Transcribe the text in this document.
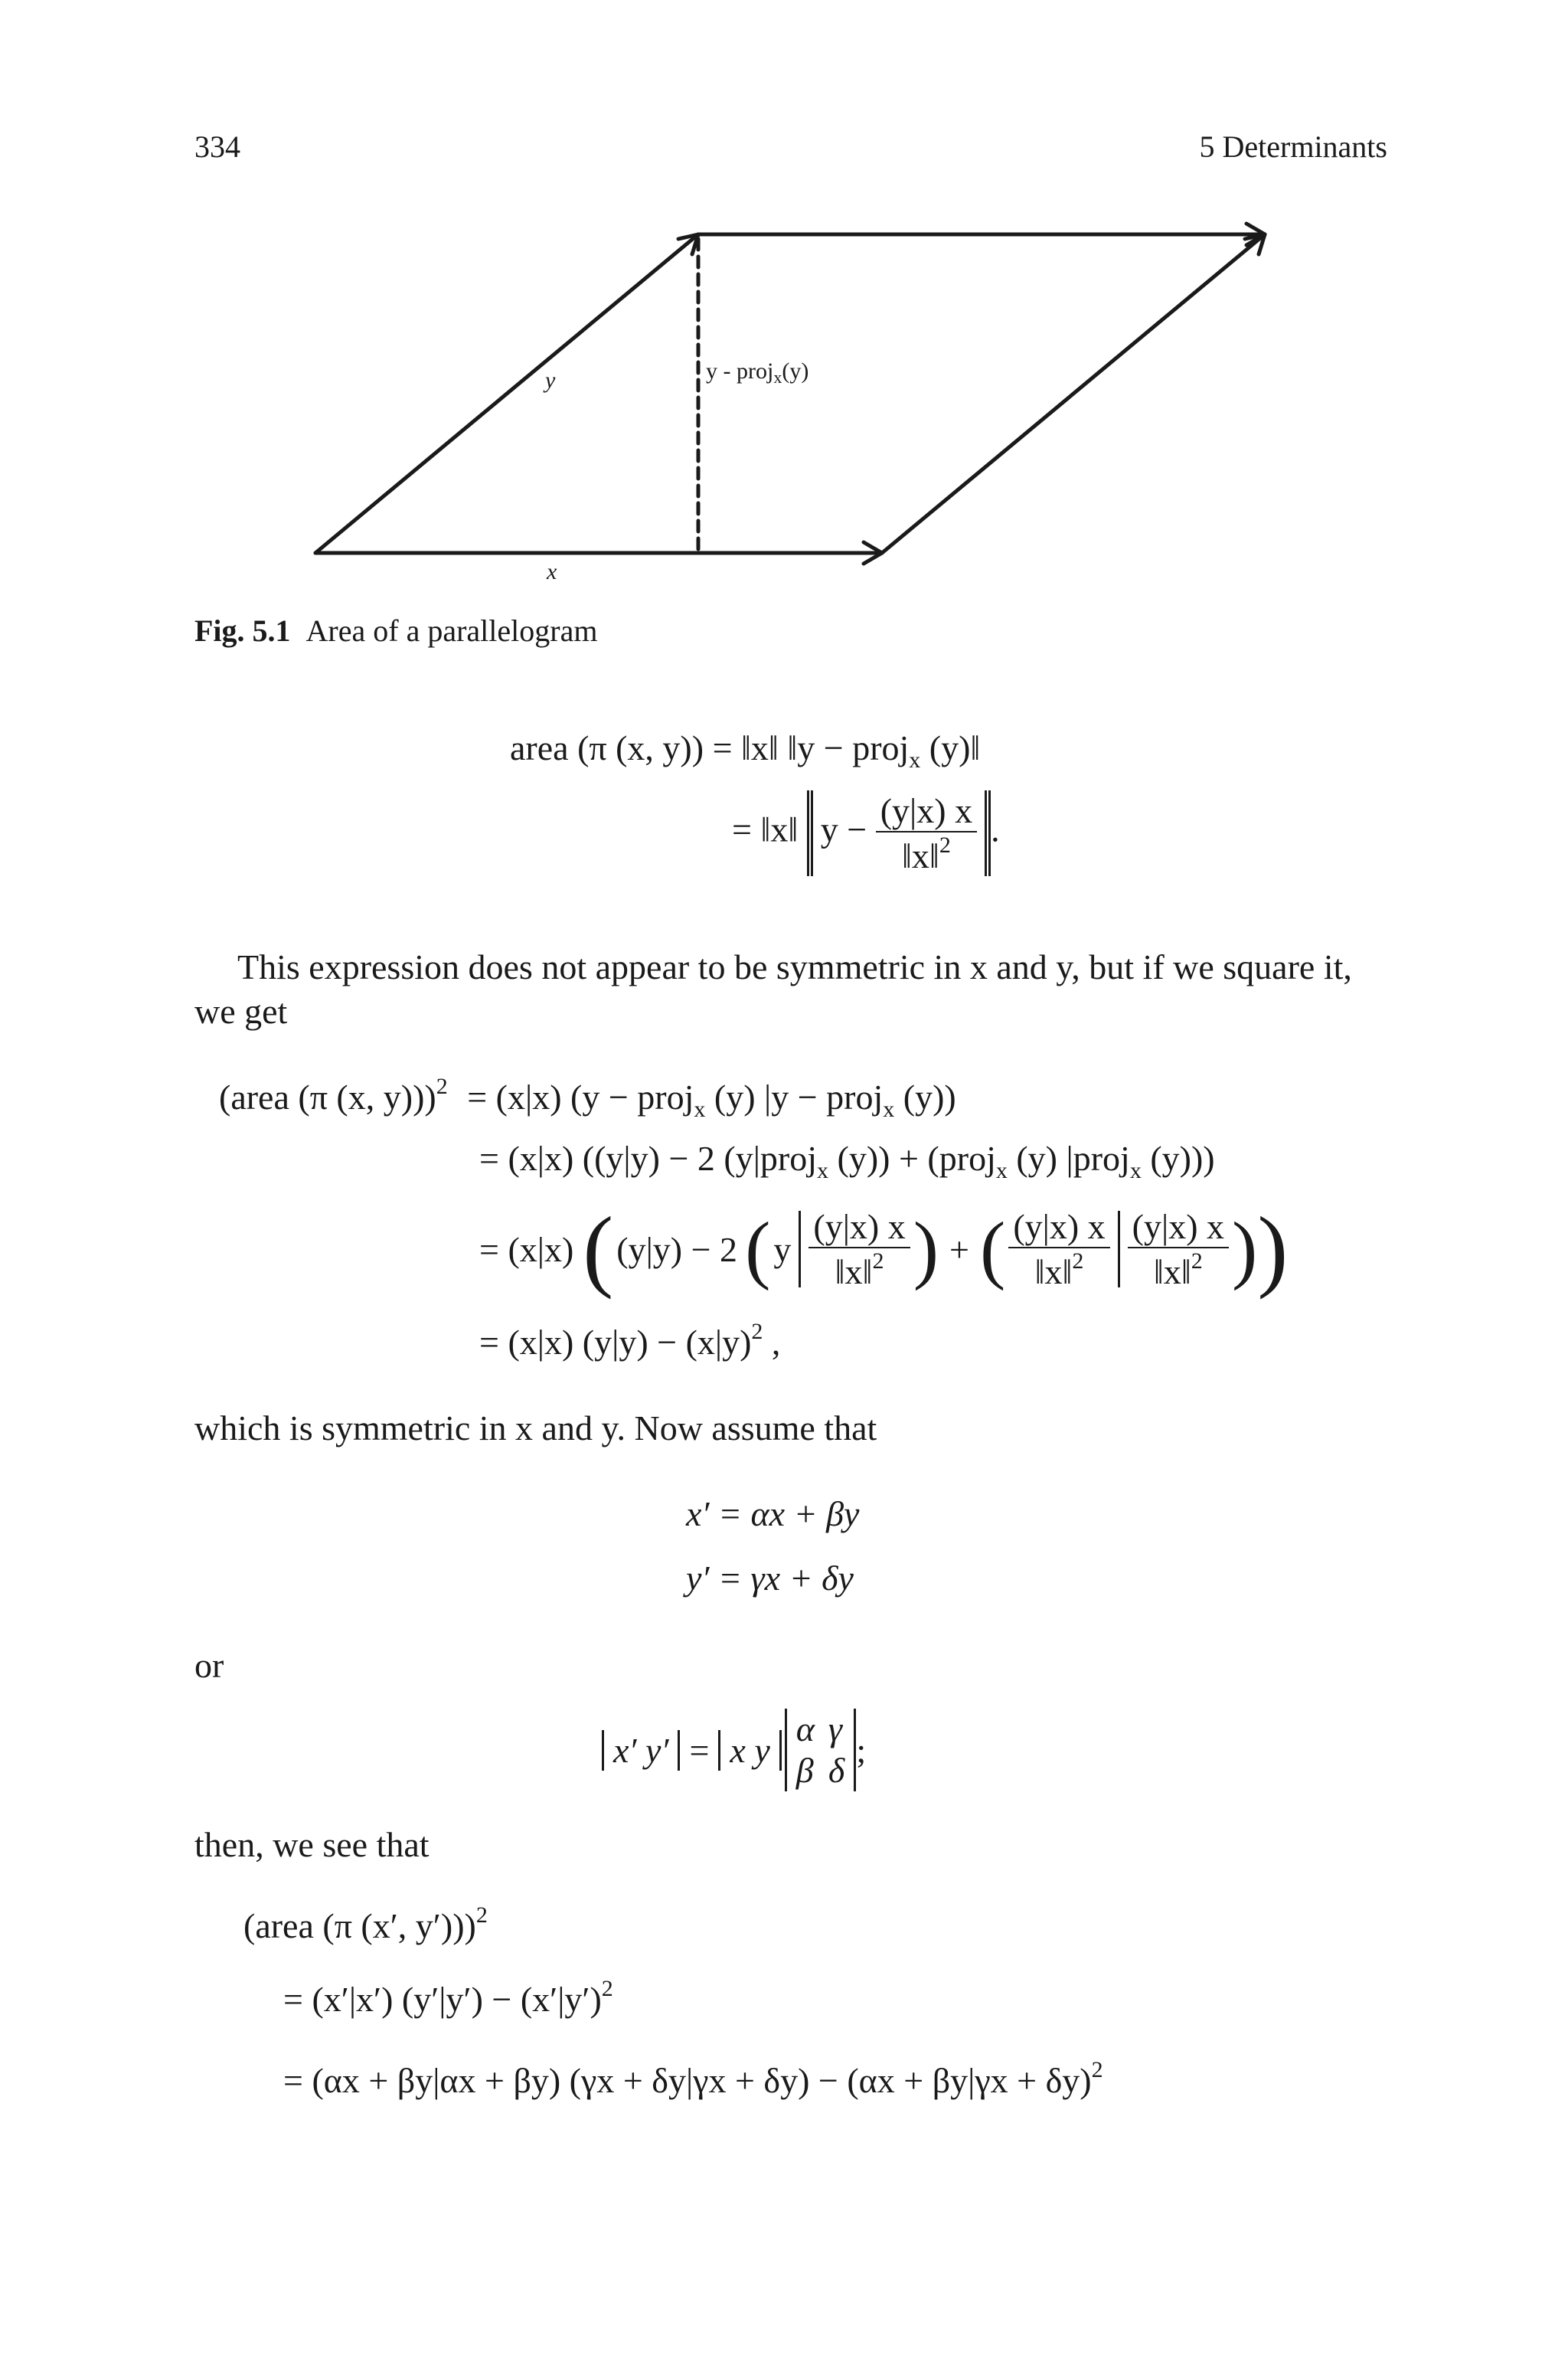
334	5 Determinants
y
x
y - proj$_x$(y)
Fig. 5.1 Area of a parallelogram
area (π (x, y)) = ‖x‖ ‖y − proj$_x$ (y)‖
= ‖x‖ $y - \frac{(y|x) x}{‖x‖^2}$ .
This expression does not appear to be symmetric in x and y, but if we square it, we get
(area (π (x, y)))$^2$ = (x|x) (y − proj$_x$ (y) |y − proj$_x$ (y))
= (x|x) ((y|y) − 2 (y|proj$_x$ (y)) + (proj$_x$ (y) |proj$_x$ (y)))
= (x|x) ( (y|y) − 2 ( y $\frac{(y|x) x}{‖x‖^2}$ ) + ( $\frac{(y|x) x}{‖x‖^2} \frac{(y|x) x}{‖x‖^2}$ ) )
= (x|x) $(y|y) - (x|y)^2$ ,
which is symmetric in x and y. Now assume that
x′ = αx + βy
y′ = γx + δy
or
x′ y′ = x y
α γ
β δ
;
then, we see that
(area (π (x′, y′)))$^2$
= (x′|x′) $(y'|y') - (x'|y')^2$
= (αx + βy|αx + βy) $(\gamma x + \delta y|\gamma x + \delta y) - (\alpha x + \beta y|\gamma x + \delta y)^2$
